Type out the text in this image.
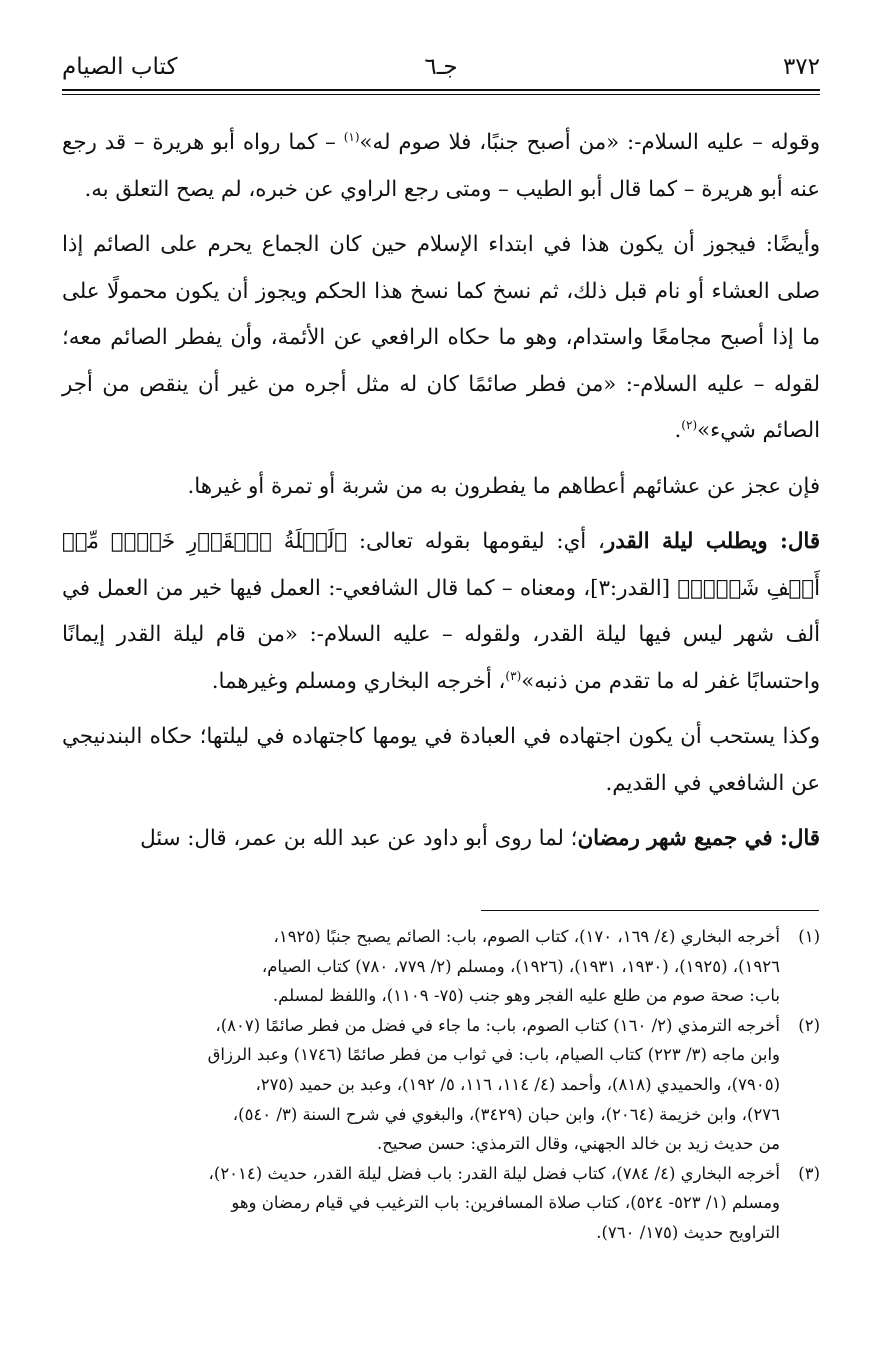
٣٧٢
جـ٦
كتاب الصيام

وقوله – عليه السلام-: «من أصبح جنبًا، فلا صوم له»$^{(١)}$ – كما رواه أبو هريرة – قد رجع عنه أبو هريرة – كما قال أبو الطيب – ومتى رجع الراوي عن خبره، لم يصح التعلق به.

وأيضًا: فيجوز أن يكون هذا في ابتداء الإسلام حين كان الجماع يحرم على الصائم إذا صلى العشاء أو نام قبل ذلك، ثم نسخ كما نسخ هذا الحكم ويجوز أن يكون محمولًا على ما إذا أصبح مجامعًا واستدام، وهو ما حكاه الرافعي عن الأئمة، وأن يفطر الصائم معه؛ لقوله – عليه السلام-: «من فطر صائمًا كان له مثل أجره من غير أن ينقص من أجر الصائم شيء»$^{(٢)}$.

فإن عجز عن عشائهم أعطاهم ما يفطرون به من شربة أو تمرة أو غيرها.

قال: ويطلب ليلة القدر، أي: ليقومها بقوله تعالى: ﴿لَيۡلَةُ ٱلۡقَدۡرِ خَيۡرٞ مِّنۡ أَلۡفِ شَهۡرٖ﴾ [القدر:٣]، ومعناه – كما قال الشافعي-: العمل فيها خير من العمل في ألف شهر ليس فيها ليلة القدر، ولقوله – عليه السلام-: «من قام ليلة القدر إيمانًا واحتسابًا غفر له ما تقدم من ذنبه»$^{(٣)}$، أخرجه البخاري ومسلم وغيرهما.

وكذا يستحب أن يكون اجتهاده في العبادة في يومها كاجتهاده في ليلتها؛ حكاه البندنيجي عن الشافعي في القديم.

قال: في جميع شهر رمضان؛ لما روى أبو داود عن عبد الله بن عمر، قال: سئل

(١)
أخرجه البخاري (٤/ ١٦٩، ١٧٠)، كتاب الصوم، باب: الصائم يصبح جنبًا (١٩٢٥،
١٩٢٦)، (١٩٢٥)، (١٩٣٠، ١٩٣١)، (١٩٢٦)، ومسلم (٢/ ٧٧٩، ٧٨٠) كتاب الصيام،
باب: صحة صوم من طلع عليه الفجر وهو جنب (٧٥- ١١٠٩)، واللفظ لمسلم.
(٢)
أخرجه الترمذي (٢/ ١٦٠) كتاب الصوم، باب: ما جاء في فضل من فطر صائمًا (٨٠٧)،
وابن ماجه (٣/ ٢٢٣) كتاب الصيام، باب: في ثواب من فطر صائمًا (١٧٤٦) وعبد الرزاق
(٧٩٠٥)، والحميدي (٨١٨)، وأحمد (٤/ ١١٤، ١١٦، ٥/ ١٩٢)، وعبد بن حميد (٢٧٥،
٢٧٦)، وابن خزيمة (٢٠٦٤)، وابن حبان (٣٤٢٩)، والبغوي في شرح السنة (٣/ ٥٤٠)،
من حديث زيد بن خالد الجهني، وقال الترمذي: حسن صحيح.
(٣)
أخرجه البخاري (٤/ ٧٨٤)، كتاب فضل ليلة القدر: باب فضل ليلة القدر، حديث (٢٠١٤)،
ومسلم (١/ ٥٢٣- ٥٢٤)، كتاب صلاة المسافرين: باب الترغيب في قيام رمضان وهو
التراويح حديث (١٧٥/ ٧٦٠).
